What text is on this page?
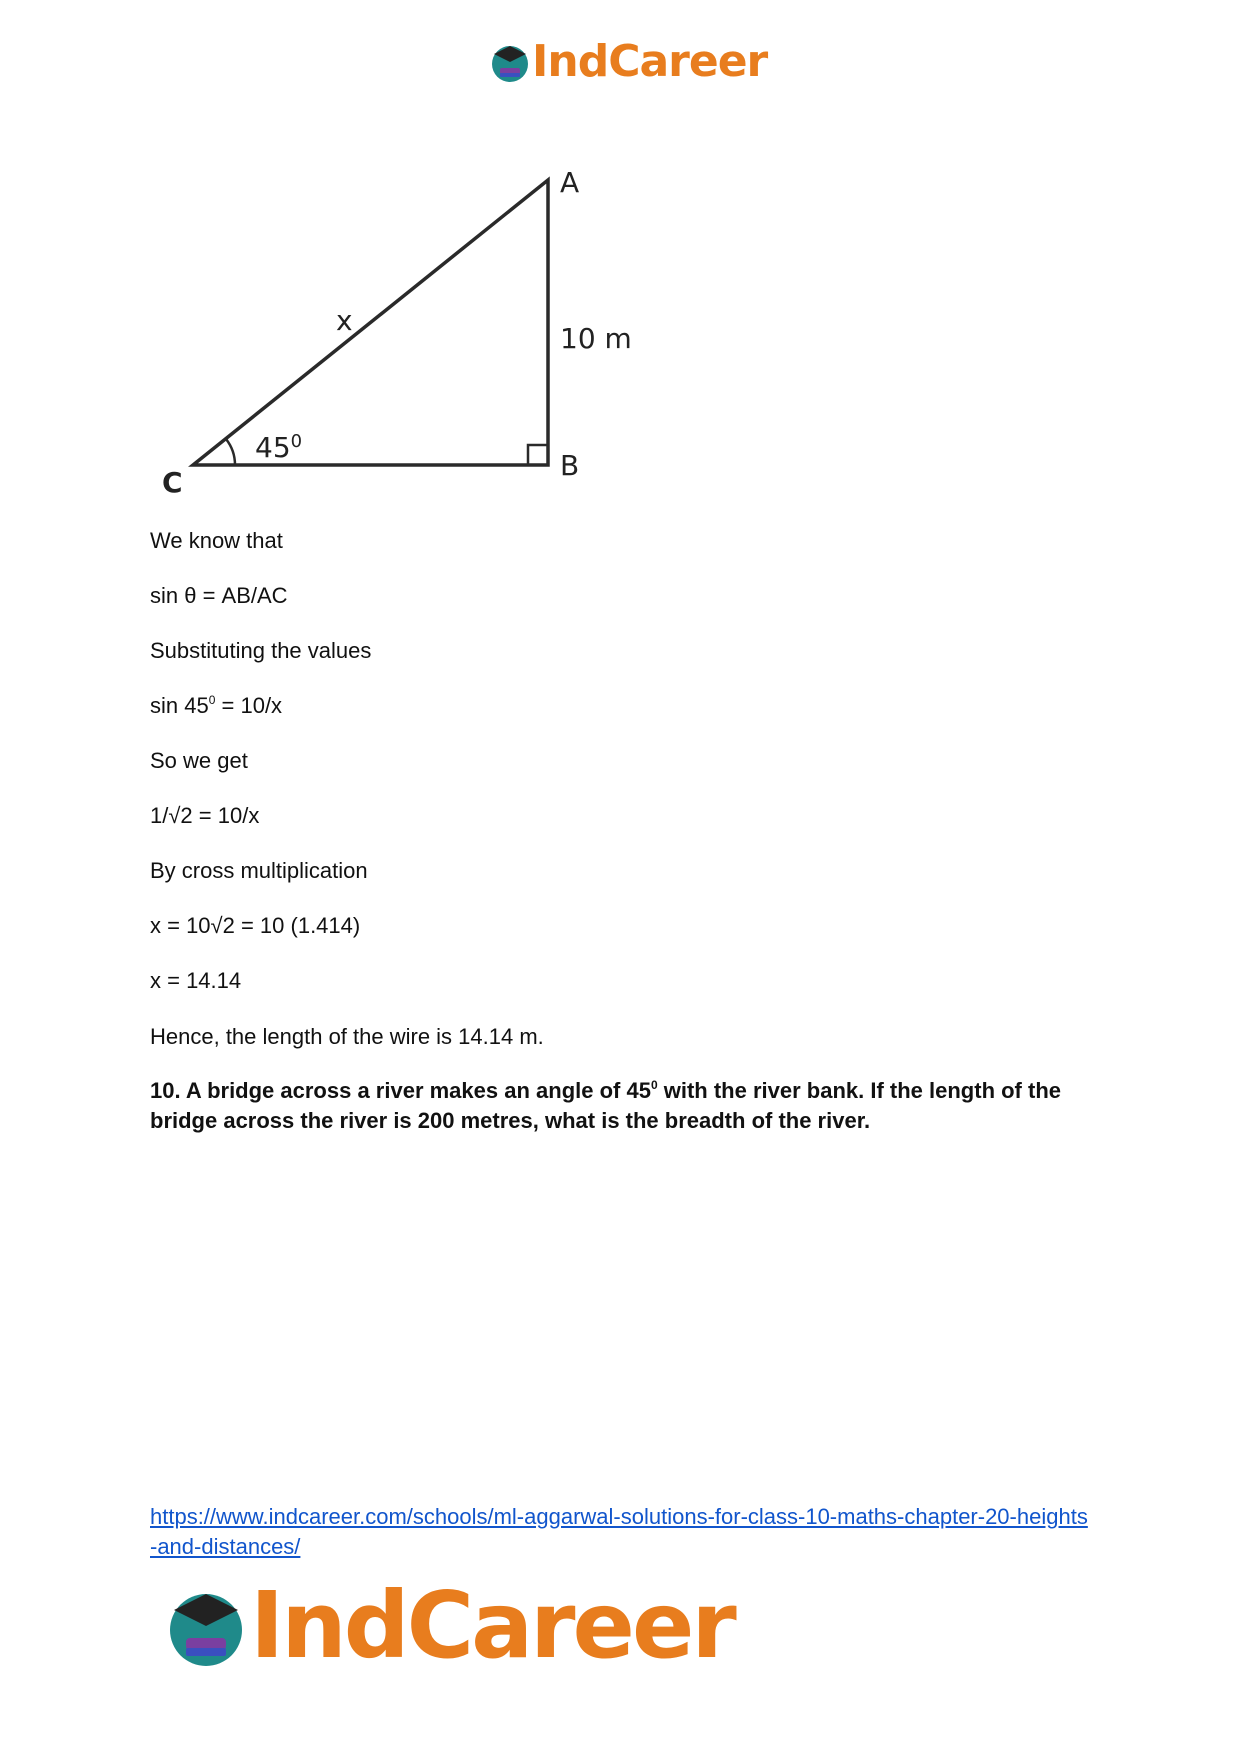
IndCareer
A
B
C
x
10 m
$45^0$

We know that

sin θ = AB/AC

Substituting the values

$\sin 45^0 = 10/x$

So we get

1/√2 = 10/x

By cross multiplication

x = 10√2 = 10 (1.414)

x = 14.14

Hence, the length of the wire is 14.14 m.

10. A bridge across a river makes an angle of $45^0$ with the river bank. If the length of the bridge across the river is 200 metres, what is the breadth of the river.

https://www.indcareer.com/schools/ml-aggarwal-solutions-for-class-10-maths-chapter-20-heights-and-distances/
IndCareer
